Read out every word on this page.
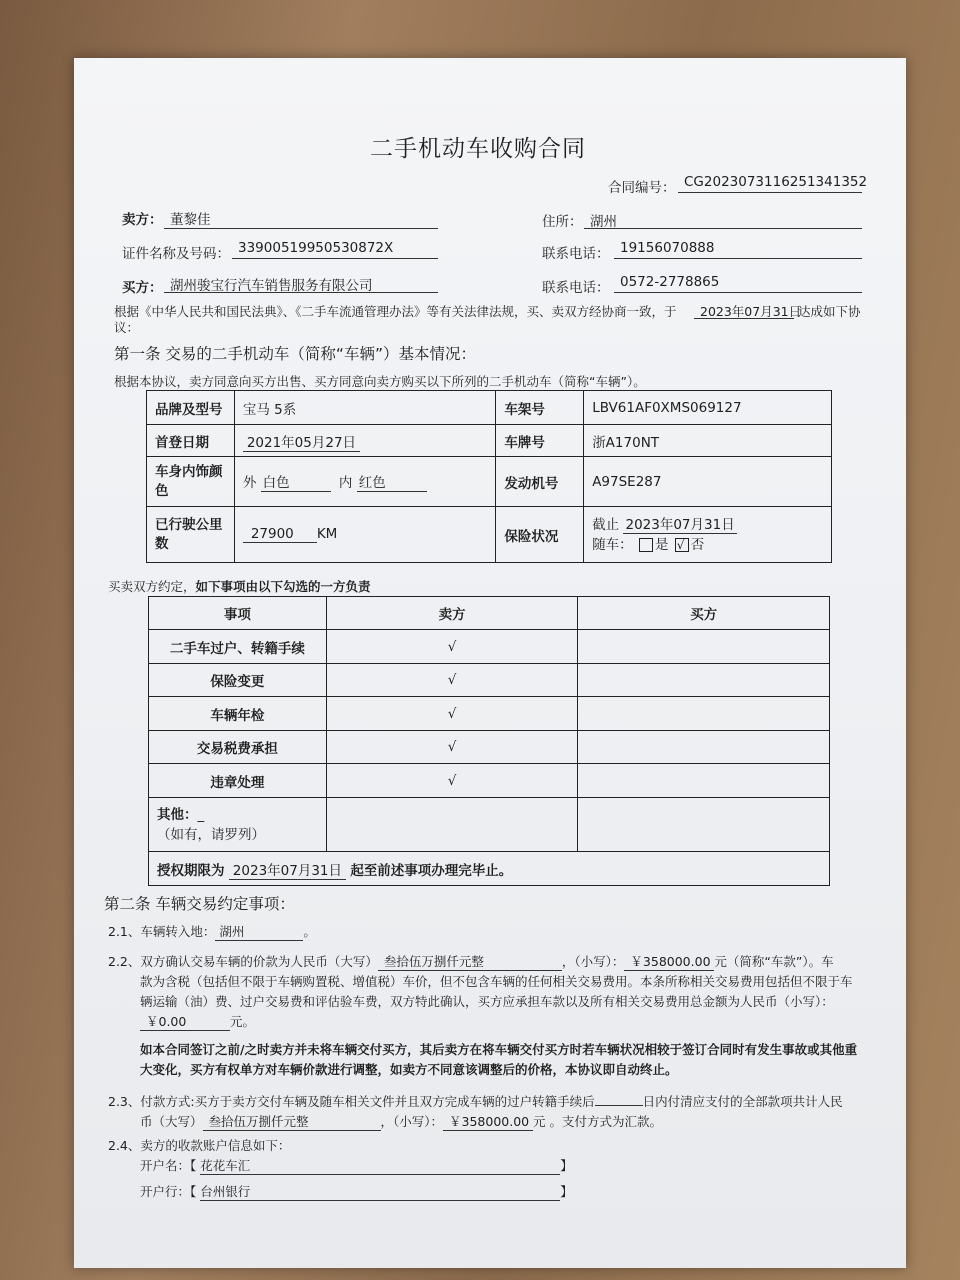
二手机动车收购合同
合同编号： CG2023073116251341352
卖方： 董黎佳	住所： 湖州
证件名称及号码： 33900519950530872X	联系电话： 19156070888
买方： 湖州骏宝行汽车销售服务有限公司	联系电话： 0572-2778865
根据《中华人民共和国民法典》、《二手车流通管理办法》等有关法律法规，买、卖双方经协商一致，于 2023年07月31日
达成如下协
议：
第一条 交易的二手机动车（简称“车辆”）基本情况：
根据本协议，卖方同意向买方出售、买方同意向卖方购买以下所列的二手机动车（简称“车辆”）。
品牌及型号	宝马 5系	车架号	LBV61AF0XMS069127
首登日期	2021年05月27日	车牌号	浙A170NT
车身内饰颜
色	外 白色 内 红色	发动机号	A97SE287
已行驶公里
数	27900 KM	保险状况	截止 2023年07月31日
随车： 是 √ 否
买卖双方约定，如下事项由以下勾选的一方负责
事项	卖方	买方
二手车过户、转籍手续	√	
保险变更	√	
车辆年检	√	
交易税费承担	√	
违章处理	√	
其他：_
（如有，请罗列）		
授权期限为 2023年07月31日 起至前述事项办理完毕止。		
第二条 车辆交易约定事项：
2.1、车辆转入地： 湖州	。
2.2、双方确认交易车辆的价款为人民币（大写） 叁拾伍万捌仟元整	，（小写）： ￥358000.00 元（简称“车款”）。车
款为含税（包括但不限于车辆购置税、增值税）车价，但不包含车辆的任何相关交易费用。本条所称相关交易费用包括但不限于车
辆运输（油）费、过户交易费和评估验车费，双方特此确认，买方应承担车款以及所有相关交易费用总金额为人民币（小写）：
￥0.00	元。
如本合同签订之前/之时卖方并未将车辆交付买方，其后卖方在将车辆交付买方时若车辆状况相较于签订合同时有发生事故或其他重
大变化，买方有权单方对车辆价款进行调整，如卖方不同意该调整后的价格，本协议即自动终止。
2.3、付款方式:买方于卖方交付车辆及随车相关文件并且双方完成车辆的过户转籍手续后	日内付清应支付的全部款项共计人民
币（大写） 叁拾伍万捌仟元整	，（小写）： ￥358000.00 元 。支付方式为汇款。
2.4、卖方的收款账户信息如下：
开户名：【 花花车汇	】
开户行：【 台州银行	】
